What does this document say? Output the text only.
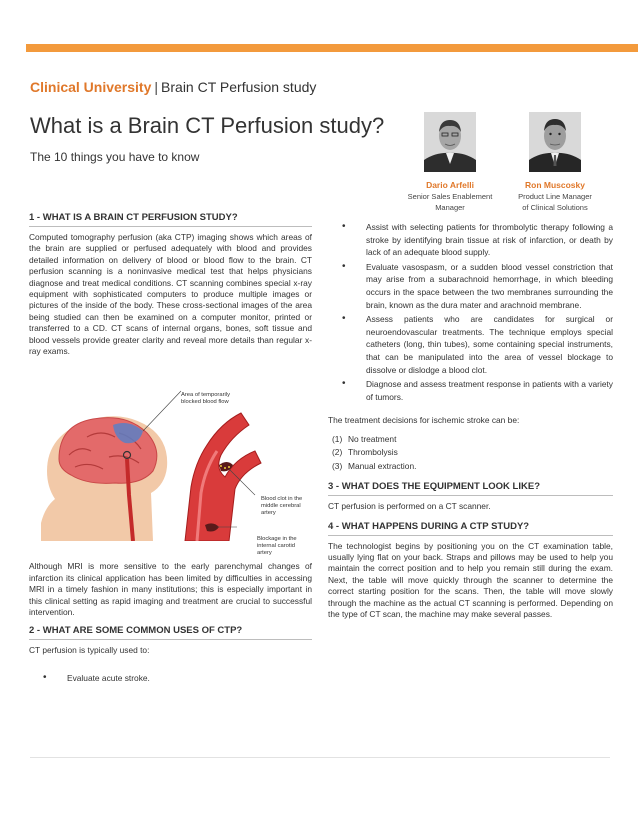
Clinical University | Brain CT Perfusion study
What is a Brain CT Perfusion study?
The 10 things you have to know
Dario Arfelli
Senior Sales Enablement
Manager
Ron Muscosky
Product Line Manager
of Clinical Solutions
1 - WHAT IS A BRAIN CT PERFUSION STUDY?

Computed tomography perfusion (aka CTP) imaging shows which areas of the brain are supplied or perfused adequately with blood and provides detailed information on delivery of blood or blood flow to the brain. CT perfusion scanning is a noninvasive medical test that helps physicians diagnose and treat medical conditions. CT scanning combines special x-ray equipment with sophisticated computers to produce multiple images or pictures of the inside of the body. These cross-sectional images of the area being studied can then be examined on a computer monitor, printed or transferred to a CD. CT scans of internal organs, bones, soft tissue and blood vessels provide greater clarity and reveal more details than regular x-ray exams.

Area of temporarily blocked blood flow
Blood clot in the middle cerebral artery
Blockage in the internal carotid artery

Although MRI is more sensitive to the early parenchymal changes of infarction its clinical application has been limited by difficulties in accessing MRI in a timely fashion in many institutions; this is especially important in this clinical setting as rapid imaging and treatment are crucial to successful intervention.

2 - WHAT ARE SOME COMMON USES OF CTP?

CT perfusion is typically used to:

• Evaluate acute stroke.
• Assist with selecting patients for thrombolytic therapy following a stroke by identifying brain tissue at risk of infarction, or death by lack of an adequate blood supply.
• Evaluate vasospasm, or a sudden blood vessel constriction that may arise from a subarachnoid hemorrhage, in which bleeding occurs in the space between the two membranes surrounding the brain, known as the dura mater and arachnoid membrane.
• Assess patients who are candidates for surgical or neuroendovascular treatments. The technique employs special catheters (long, thin tubes), some containing special instruments, that can be manipulated into the area of vessel blockage to dissolve or dislodge a blood clot.
• Diagnose and assess treatment response in patients with a variety of tumors.

The treatment decisions for ischemic stroke can be:

(1) No treatment
(2) Thrombolysis
(3) Manual extraction.
3 - WHAT DOES THE EQUIPMENT LOOK LIKE?

CT perfusion is performed on a CT scanner.

4 - WHAT HAPPENS DURING A CTP STUDY?

The technologist begins by positioning you on the CT examination table, usually lying flat on your back. Straps and pillows may be used to help you maintain the correct position and to help you remain still during the exam. Next, the table will move quickly through the scanner to determine the correct starting position for the scans. Then, the table will move slowly through the machine as the actual CT scanning is performed. Depending on the type of CT scan, the machine may make several passes.
